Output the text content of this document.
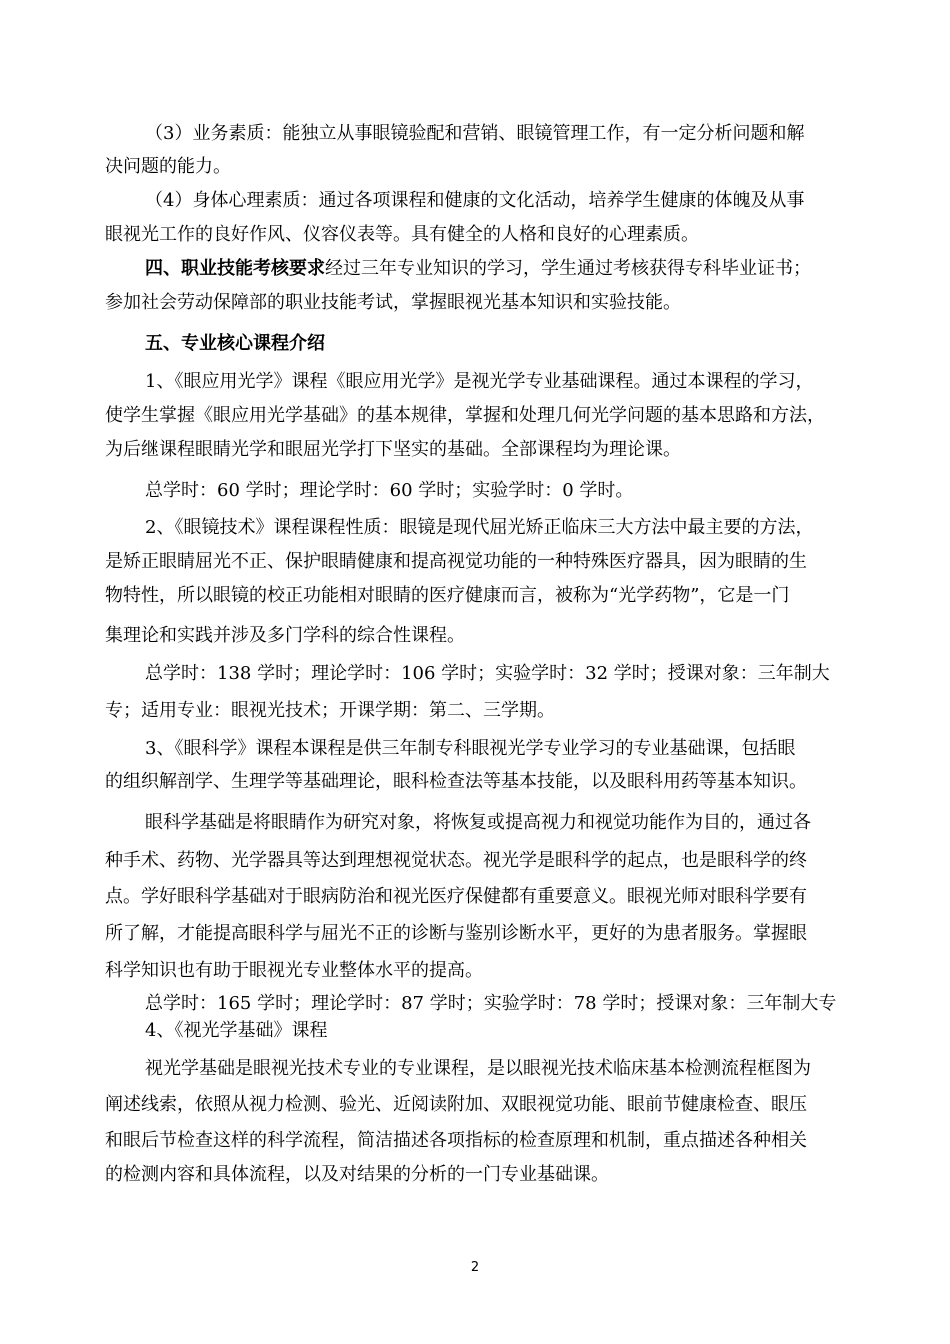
（3）业务素质：能独立从事眼镜验配和营销、眼镜管理工作，有一定分析问题和解
决问题的能力。
（4）身体心理素质：通过各项课程和健康的文化活动，培养学生健康的体魄及从事
眼视光工作的良好作风、仪容仪表等。具有健全的人格和良好的心理素质。
四、职业技能考核要求经过三年专业知识的学习，学生通过考核获得专科毕业证书；
参加社会劳动保障部的职业技能考试，掌握眼视光基本知识和实验技能。
五、专业核心课程介绍
1、《眼应用光学》课程《眼应用光学》是视光学专业基础课程。通过本课程的学习，
使学生掌握《眼应用光学基础》的基本规律，掌握和处理几何光学问题的基本思路和方法，
为后继课程眼睛光学和眼屈光学打下坚实的基础。全部课程均为理论课。
总学时：60 学时；理论学时：60 学时；实验学时：0 学时。
2、《眼镜技术》课程课程性质：眼镜是现代屈光矫正临床三大方法中最主要的方法，
是矫正眼睛屈光不正、保护眼睛健康和提高视觉功能的一种特殊医疗器具，因为眼睛的生
物特性，所以眼镜的校正功能相对眼睛的医疗健康而言，被称为“光学药物”，它是一门
集理论和实践并涉及多门学科的综合性课程。
总学时：138 学时；理论学时：106 学时；实验学时：32 学时；授课对象：三年制大
专；适用专业：眼视光技术；开课学期：第二、三学期。
3、《眼科学》课程本课程是供三年制专科眼视光学专业学习的专业基础课，包括眼
的组织解剖学、生理学等基础理论，眼科检查法等基本技能，以及眼科用药等基本知识。
眼科学基础是将眼睛作为研究对象，将恢复或提高视力和视觉功能作为目的，通过各
种手术、药物、光学器具等达到理想视觉状态。视光学是眼科学的起点，也是眼科学的终
点。学好眼科学基础对于眼病防治和视光医疗保健都有重要意义。眼视光师对眼科学要有
所了解，才能提高眼科学与屈光不正的诊断与鉴别诊断水平，更好的为患者服务。掌握眼
科学知识也有助于眼视光专业整体水平的提高。
总学时：165 学时；理论学时：87 学时；实验学时：78 学时；授课对象：三年制大专
4、《视光学基础》课程
视光学基础是眼视光技术专业的专业课程，是以眼视光技术临床基本检测流程框图为
阐述线索，依照从视力检测、验光、近阅读附加、双眼视觉功能、眼前节健康检查、眼压
和眼后节检查这样的科学流程，简洁描述各项指标的检查原理和机制，重点描述各种相关
的检测内容和具体流程，以及对结果的分析的一门专业基础课。
2
